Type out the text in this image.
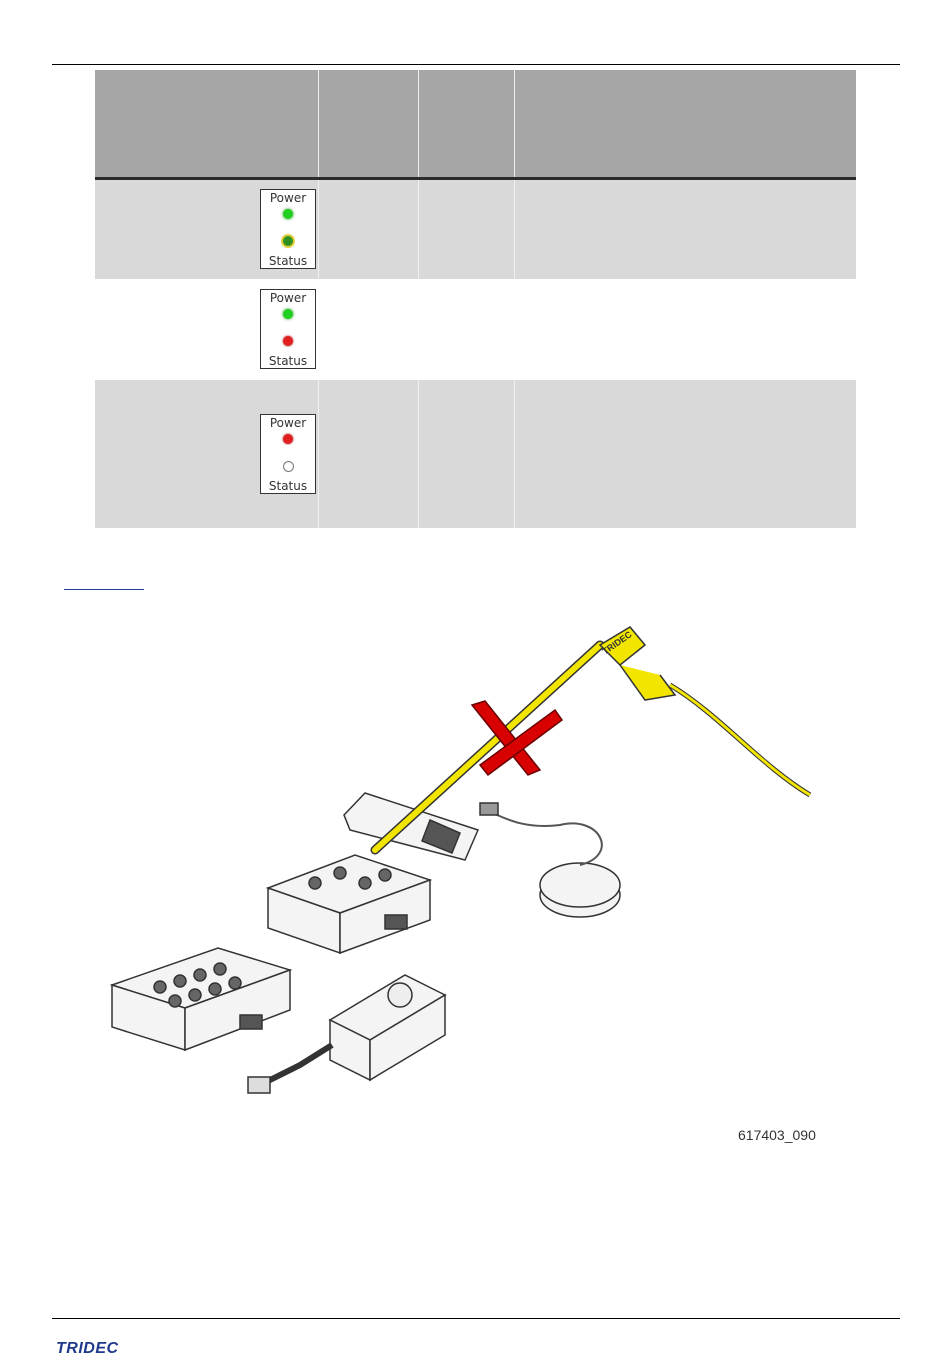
Power
Status			

Power
Status			

Power
Status			

TRIDEC
617403_090
TRIDEC
